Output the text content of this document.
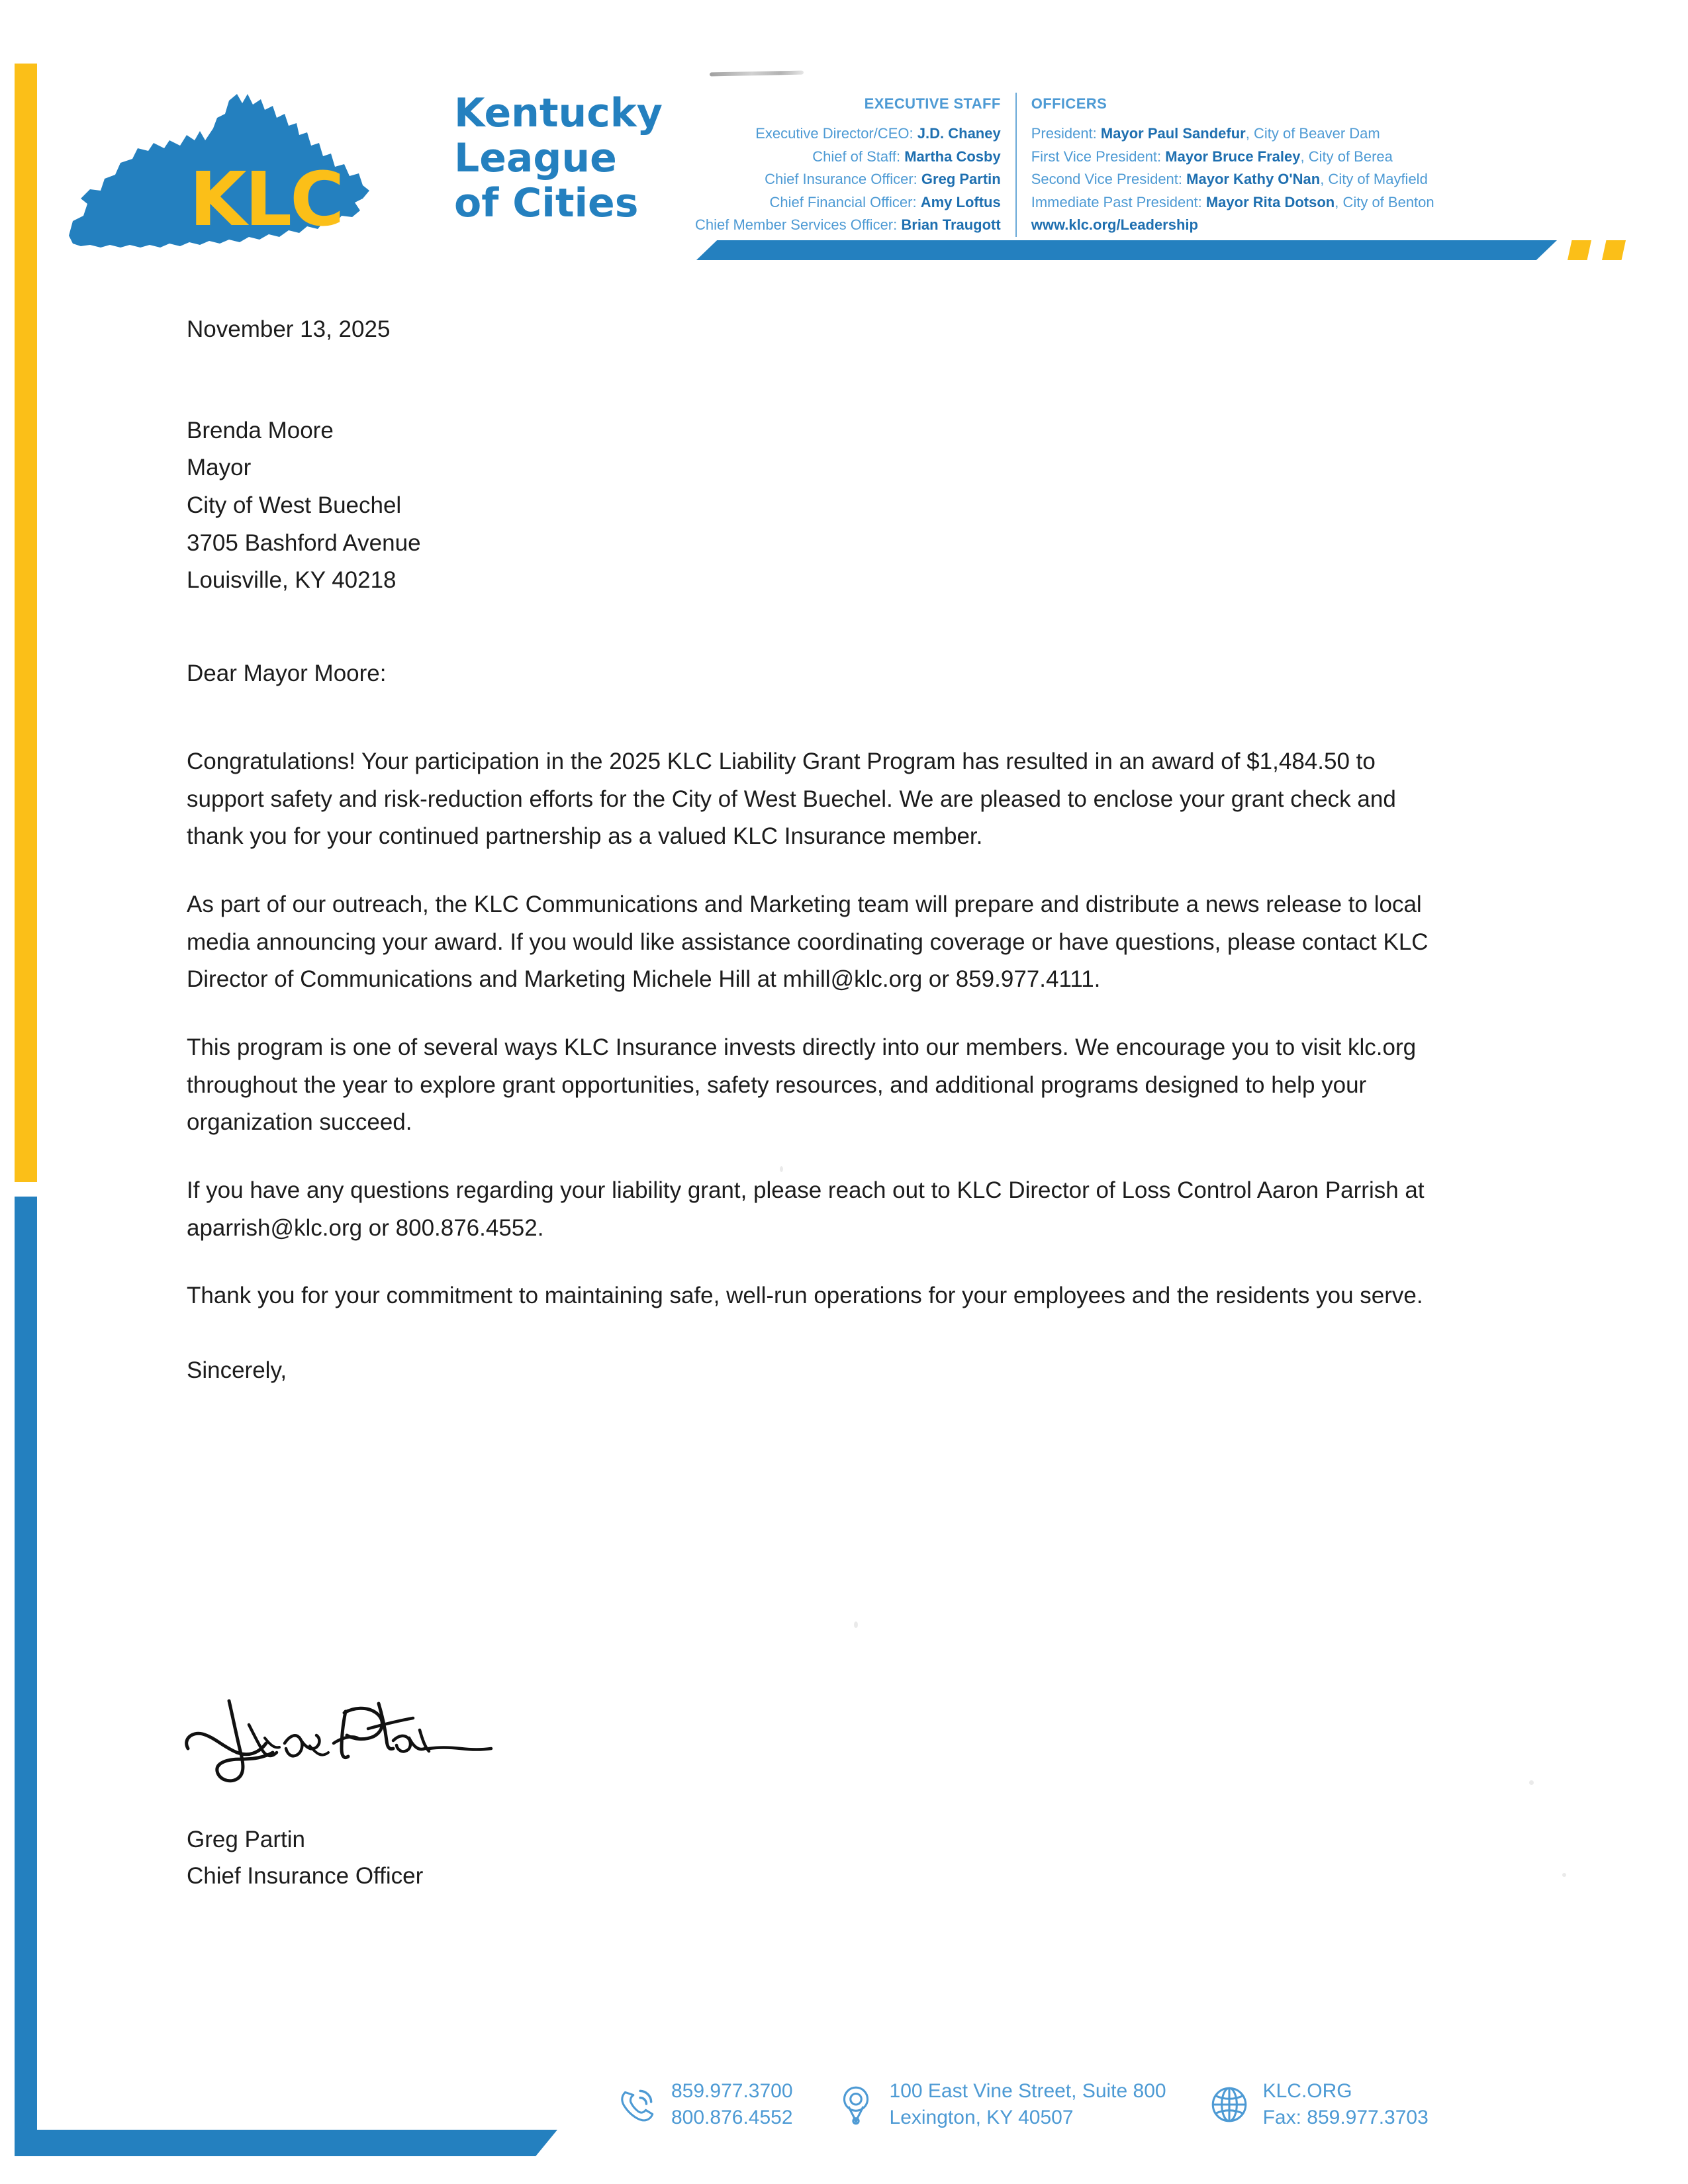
KLC
Kentucky
League
of Cities
EXECUTIVE STAFF
Executive Director/CEO: J.D. Chaney
Chief of Staff: Martha Cosby
Chief Insurance Officer: Greg Partin
Chief Financial Officer: Amy Loftus
Chief Member Services Officer: Brian Traugott
OFFICERS
President: Mayor Paul Sandefur, City of Beaver Dam
First Vice President: Mayor Bruce Fraley, City of Berea
Second Vice President: Mayor Kathy O'Nan, City of Mayfield
Immediate Past President: Mayor Rita Dotson, City of Benton
www.klc.org/Leadership
November 13, 2025
Brenda Moore
Mayor
City of West Buechel
3705 Bashford Avenue
Louisville, KY 40218
Dear Mayor Moore:

Congratulations! Your participation in the 2025 KLC Liability Grant Program has resulted in an award of $1,484.50 to support safety and risk-reduction efforts for the City of West Buechel. We are pleased to enclose your grant check and thank you for your continued partnership as a valued KLC Insurance member.

As part of our outreach, the KLC Communications and Marketing team will prepare and distribute a news release to local media announcing your award. If you would like assistance coordinating coverage or have questions, please contact KLC Director of Communications and Marketing Michele Hill at mhill@klc.org or 859.977.4111.

This program is one of several ways KLC Insurance invests directly into our members. We encourage you to visit klc.org throughout the year to explore grant opportunities, safety resources, and additional programs designed to help your organization succeed.

If you have any questions regarding your liability grant, please reach out to KLC Director of Loss Control Aaron Parrish at aparrish@klc.org or 800.876.4552.

Thank you for your commitment to maintaining safe, well-run operations for your employees and the residents you serve.

Sincerely,
Greg Partin
Chief Insurance Officer
859.977.3700
800.876.4552
100 East Vine Street, Suite 800
Lexington, KY 40507
KLC.ORG
Fax: 859.977.3703
